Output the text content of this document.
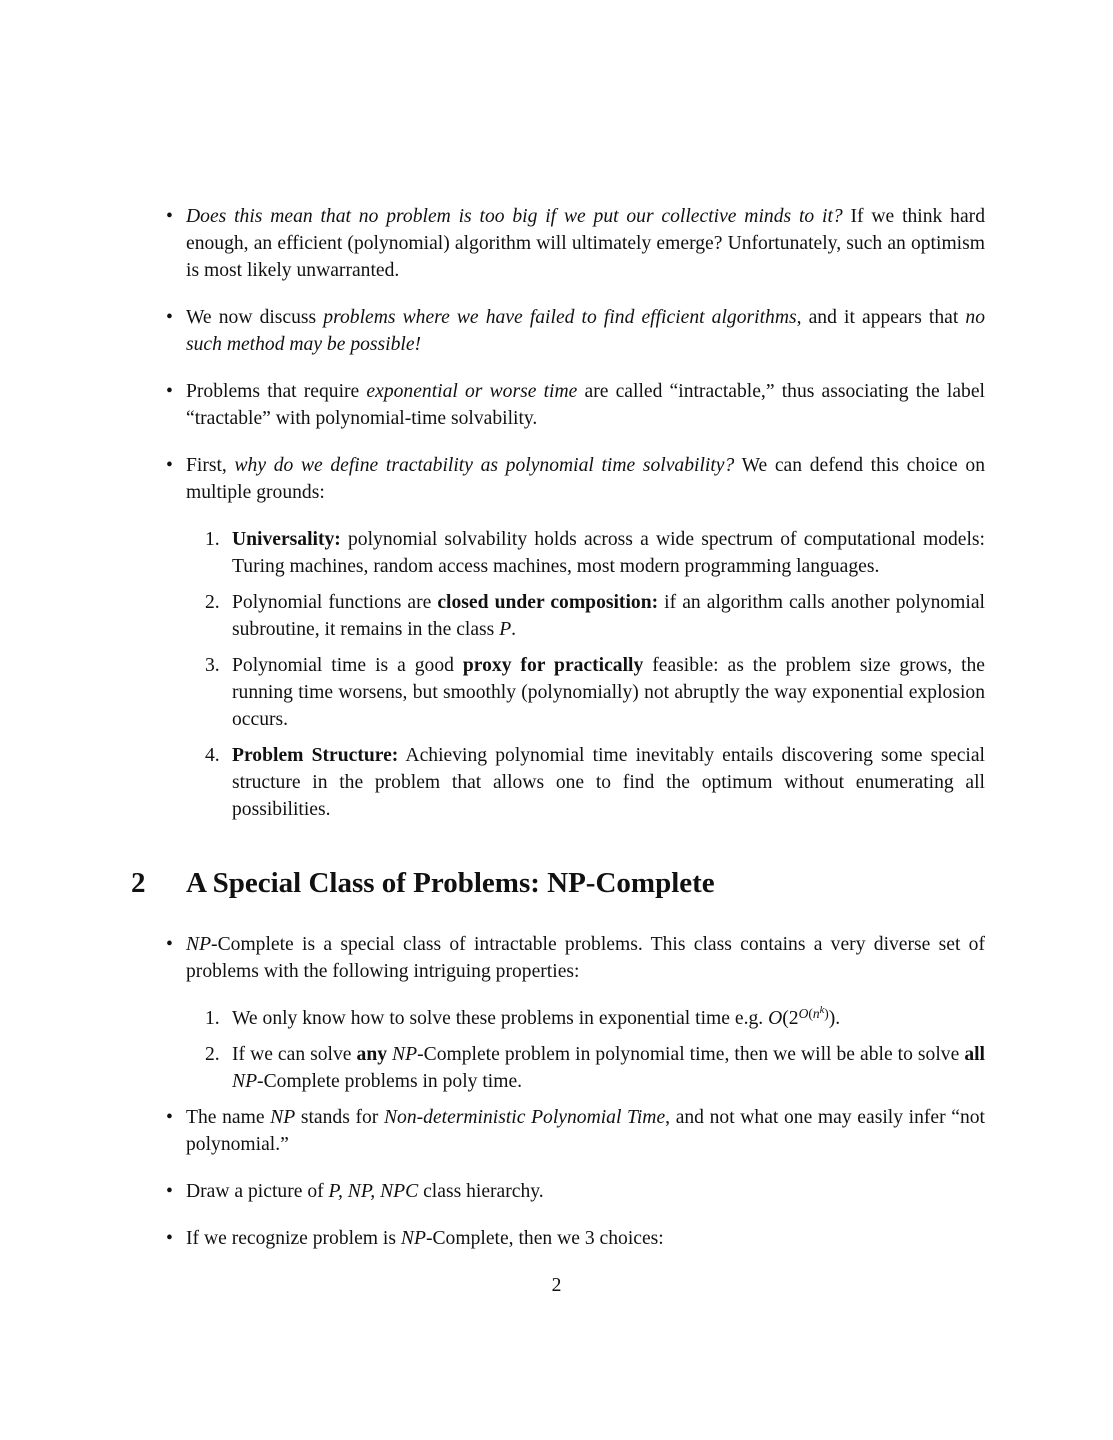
• Does this mean that no problem is too big if we put our collective minds to it? If we think hard enough, an efficient (polynomial) algorithm will ultimately emerge? Unfortunately, such an optimism is most likely unwarranted.
• We now discuss problems where we have failed to find efficient algorithms, and it appears that no such method may be possible!
• Problems that require exponential or worse time are called “intractable,” thus associating the label “tractable” with polynomial-time solvability.
• First, why do we define tractability as polynomial time solvability? We can defend this choice on multiple grounds:
1. Universality: polynomial solvability holds across a wide spectrum of computational models: Turing machines, random access machines, most modern programming languages.
2. Polynomial functions are closed under composition: if an algorithm calls another polynomial subroutine, it remains in the class P.
3. Polynomial time is a good proxy for practically feasible: as the problem size grows, the running time worsens, but smoothly (polynomially) not abruptly the way exponential explosion occurs.
4. Problem Structure: Achieving polynomial time inevitably entails discovering some special structure in the problem that allows one to find the optimum without enumerating all possibilities.
2	A Special Class of Problems: NP-Complete
• NP-Complete is a special class of intractable problems. This class contains a very diverse set of problems with the following intriguing properties:
1. We only know how to solve these problems in exponential time e.g. $O(2^{O(nk)})$.
2. If we can solve any NP-Complete problem in polynomial time, then we will be able to solve all NP-Complete problems in poly time.
• The name NP stands for Non-deterministic Polynomial Time, and not what one may easily infer “not polynomial.”
• Draw a picture of P, NP, NPC class hierarchy.
• If we recognize problem is NP-Complete, then we 3 choices:
2
